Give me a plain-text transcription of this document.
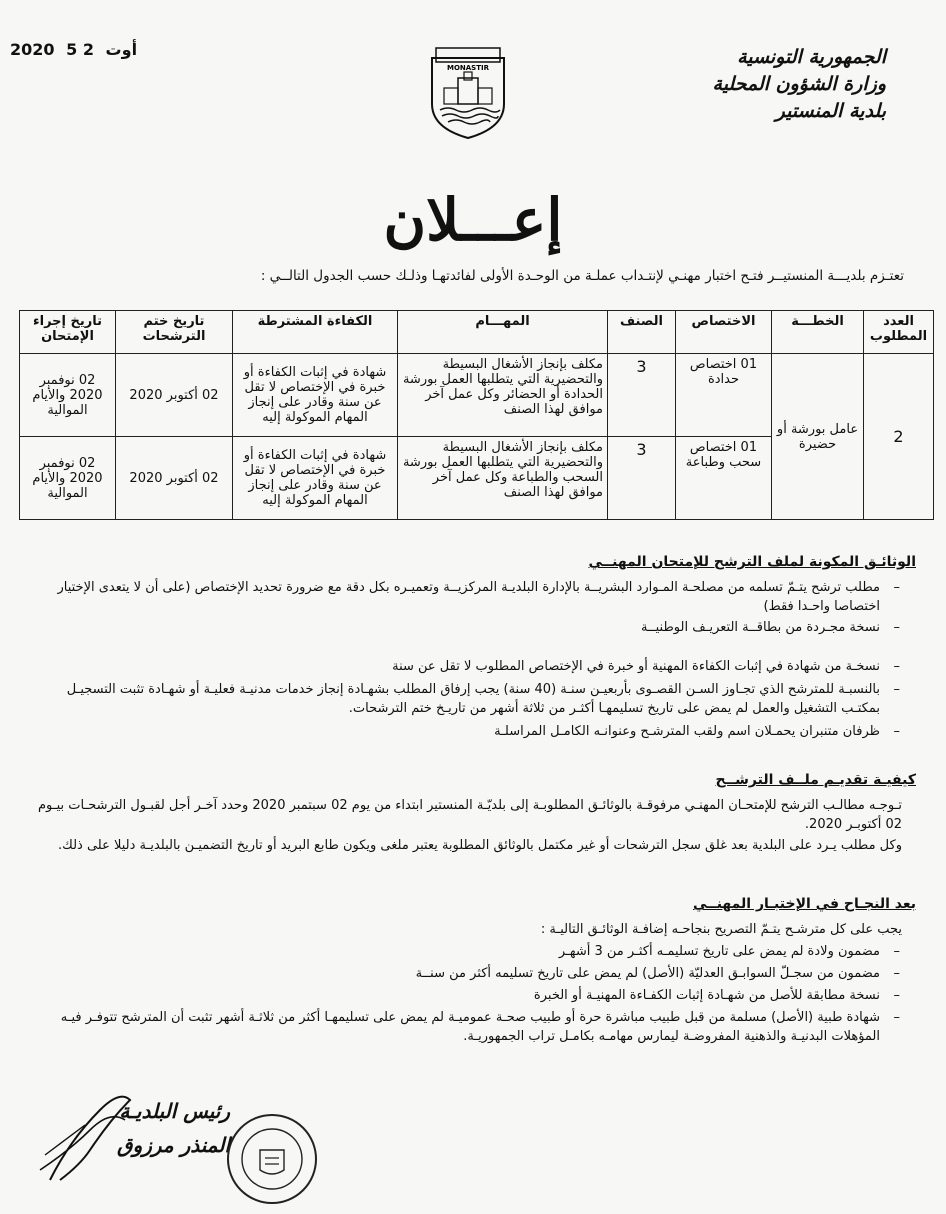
2020	أوت 2 5
MONASTIR	الجمهورية التونسية
وزارة الشؤون المحلية
بلدية المنستير
إعـــلان
تعتـزم بلديـــة المنستيــر فتـح اختبار مهنـي لإنتـداب عملـة من الوحـدة الأولى لفائدتهـا وذلـك حسب الجدول التالــي :
العدد المطلوب	الخطـــة	الاختصاص	الصنف	المهـــام	الكفاءة المشترطة	تاريخ ختم الترشحات	تاريخ إجراء الإمتحان
2	عامل بورشة أو حضيرة	01 اختصاص حدادة	3	مكلف بإنجاز الأشغال البسيطة والتحضيرية التي يتطلبها العمل بورشة الحدادة أو الحضائر وكل عمل آخر موافق لهذا الصنف	شهادة في إثبات الكفاءة أو خبرة في الإختصاص لا تقل عن سنة وقادر على إنجاز المهام الموكولة إليه	02 أكتوبر 2020	02 نوفمبر 2020 والأيام الموالية
		01 اختصاص سحب وطباعة	3	مكلف بإنجاز الأشغال البسيطة والتحضيرية التي يتطلبها العمل بورشة السحب والطباعة وكل عمل آخر موافق لهذا الصنف	شهادة في إثبات الكفاءة أو خبرة في الإختصاص لا تقل عن سنة وقادر على إنجاز المهام الموكولة إليه	02 أكتوبر 2020	02 نوفمبر 2020 والأيام الموالية
الوثائـق المكونة لملف الترشح للإمتحان المهنــي
– مطلب ترشح يتـمّ تسلمه من مصلحـة المـوارد البشريــة بالإدارة البلديـة المركزيــة وتعميـره بكل دقة مع ضرورة تحديد الإختصاص (على أن لا يتعدى الإختيار اختصاصا واحـدا فقط)
– نسخة مجـردة من بطاقــة التعريـف الوطنيــة
– نسخـة من شهادة في إثبات الكفاءة المهنية أو خبرة في الإختصاص المطلوب لا تقل عن سنة
– بالنسبـة للمترشح الذي تجـاوز السـن القصـوى بأربعيـن سنـة (40 سنة) يجب إرفاق المطلب بشهـادة إنجاز خدمات مدنيـة فعليـة أو شهـادة تثبت التسجيـل بمكتـب التشغيل والعمل لم يمض على تاريخ تسليمهـا أكثـر من ثلاثة أشهر من تاريـخ ختم الترشحات.
– ظرفان متنبران يحمـلان اسم ولقب المترشـح وعنوانـه الكامـل المراسلـة
كيفيـة تقديـم ملــف الترشــح
تـوجـه مطالـب الترشح للإمتحـان المهنـي مرفوقـة بالوثائـق المطلوبـة إلى بلديّـة المنستير ابتداء من يوم 02 سبتمبر 2020 وحدد آخـر أجل لقبـول الترشحـات بيـوم 02 أكتوبـر 2020.
وكل مطلب يـرد على البلدية بعد غلق سجل الترشحات أو غير مكتمل بالوثائق المطلوبة يعتبر ملغى ويكون طابع البريد أو تاريخ التضميـن بالبلديـة دليلا على ذلك.
بعد النجـاح في الإختبـار المهنــي
يجب على كل مترشـح يتـمّ التصريح بنجاحـه إضافـة الوثائـق التاليـة :
– مضمون ولادة لم يمض على تاريخ تسليمـه أكثـر من 3 أشهـر
– مضمون من سجـلّ السوابـق العدليّة (الأصل) لم يمض على تاريخ تسليمه أكثر من سنــة
– نسخة مطابقة للأصل من شهـادة إثبات الكفـاءة المهنيـة أو الخبرة
– شهادة طبية (الأصل) مسلمة من قبل طبيب مباشرة حرة أو طبيب صحـة عموميـة لم يمض على تسليمهـا أكثر من ثلاثـة أشهر تثبت أن المترشح تتوفـر فيـه المؤهلات البدنيـة والذهنية المفروضـة ليمارس مهامـه بكامـل تراب الجمهوريـة.
رئيس البلديـة
المنذر مرزوق
